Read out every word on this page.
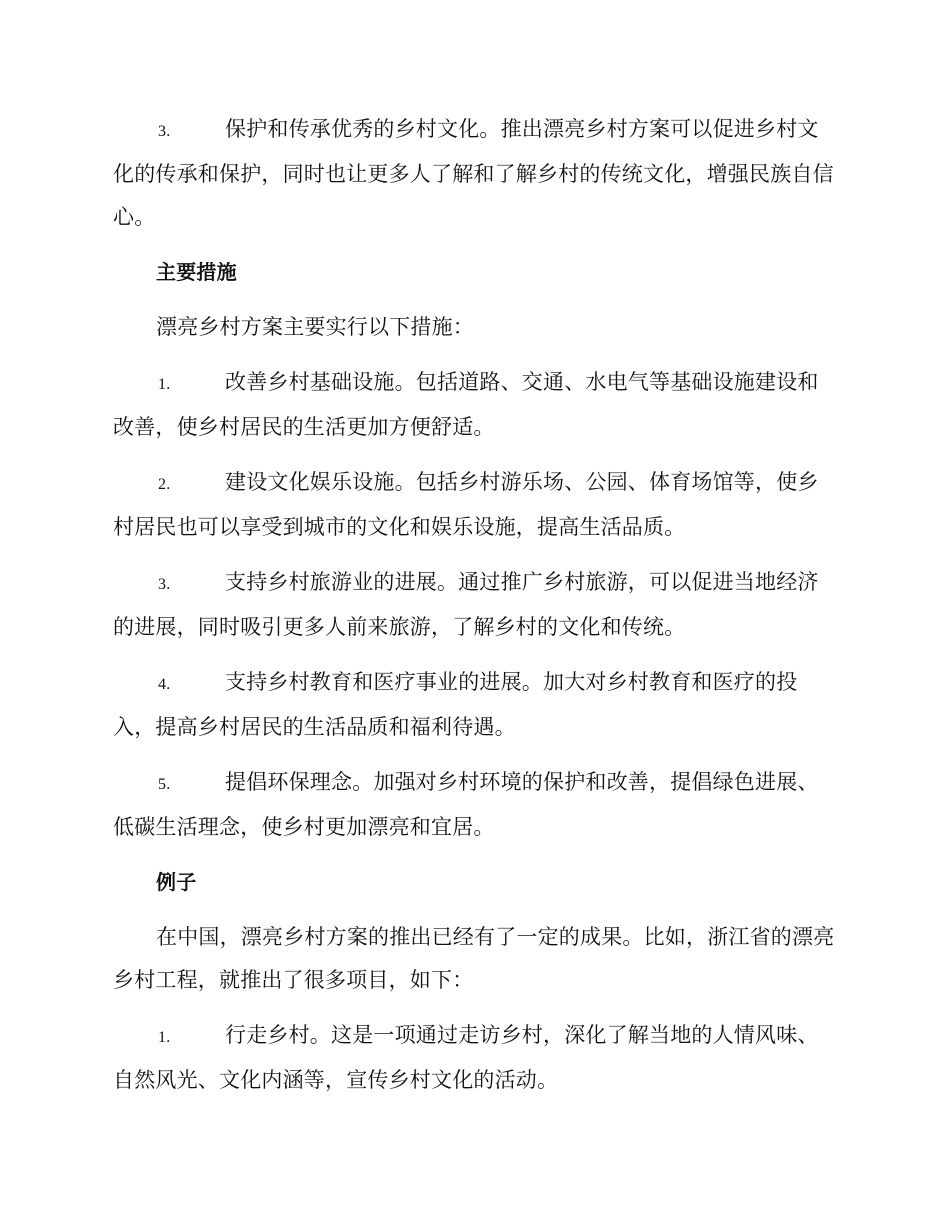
3.	保护和传承优秀的乡村文化。推出漂亮乡村方案可以促进乡村文化的传承和保护，同时也让更多人了解和了解乡村的传统文化，增强民族自信心。
主要措施
漂亮乡村方案主要实行以下措施：
1.	改善乡村基础设施。包括道路、交通、水电气等基础设施建设和改善，使乡村居民的生活更加方便舒适。
2.	建设文化娱乐设施。包括乡村游乐场、公园、体育场馆等，使乡村居民也可以享受到城市的文化和娱乐设施，提高生活品质。
3.	支持乡村旅游业的进展。通过推广乡村旅游，可以促进当地经济的进展，同时吸引更多人前来旅游，了解乡村的文化和传统。
4.	支持乡村教育和医疗事业的进展。加大对乡村教育和医疗的投入，提高乡村居民的生活品质和福利待遇。
5.	提倡环保理念。加强对乡村环境的保护和改善，提倡绿色进展、低碳生活理念，使乡村更加漂亮和宜居。
例子
在中国，漂亮乡村方案的推出已经有了一定的成果。比如，浙江省的漂亮乡村工程，就推出了很多项目，如下：
1.	行走乡村。这是一项通过走访乡村，深化了解当地的人情风味、自然风光、文化内涵等，宣传乡村文化的活动。
